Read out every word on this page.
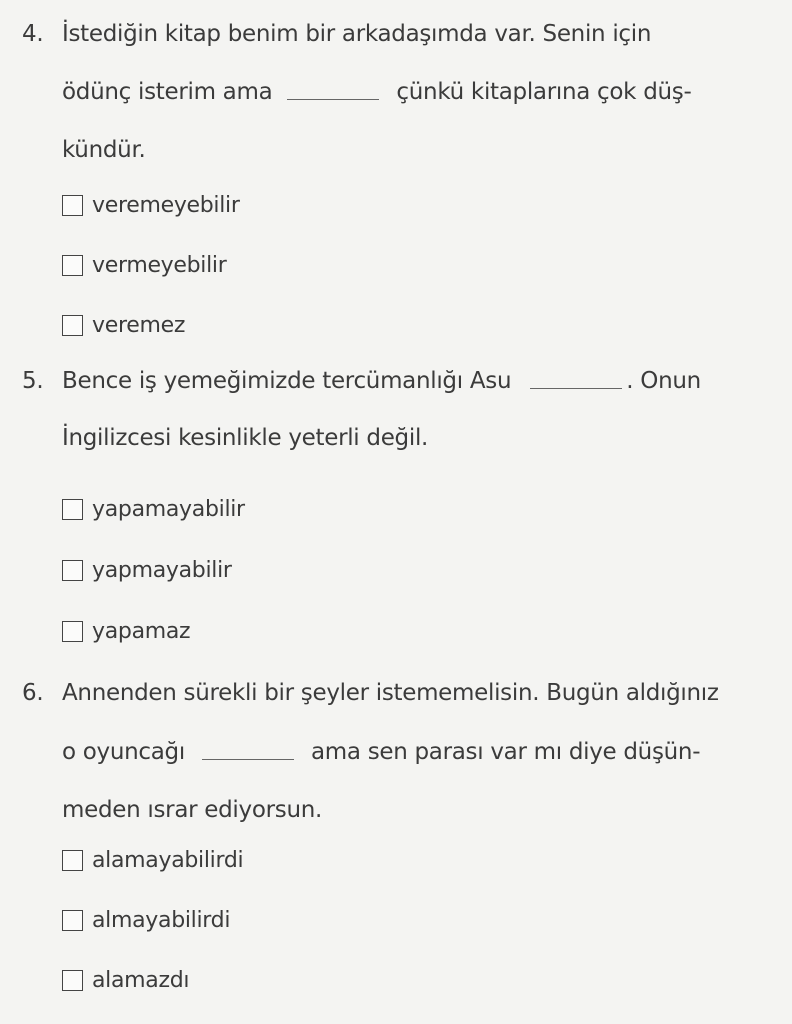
4. İstediğin kitap benim bir arkadaşımda var. Senin için
ödünç isterim ama	çünkü kitaplarına çok düş-
kündür.
veremeyebilir
vermeyebilir
veremez
5. Bence iş yemeğimizde tercümanlığı Asu	. Onun
İngilizcesi kesinlikle yeterli değil.
yapamayabilir
yapmayabilir
yapamaz
6. Annenden sürekli bir şeyler istememelisin. Bugün aldığınız
o oyuncağı	ama sen parası var mı diye düşün-
meden ısrar ediyorsun.
alamayabilirdi
almayabilirdi
alamazdı
